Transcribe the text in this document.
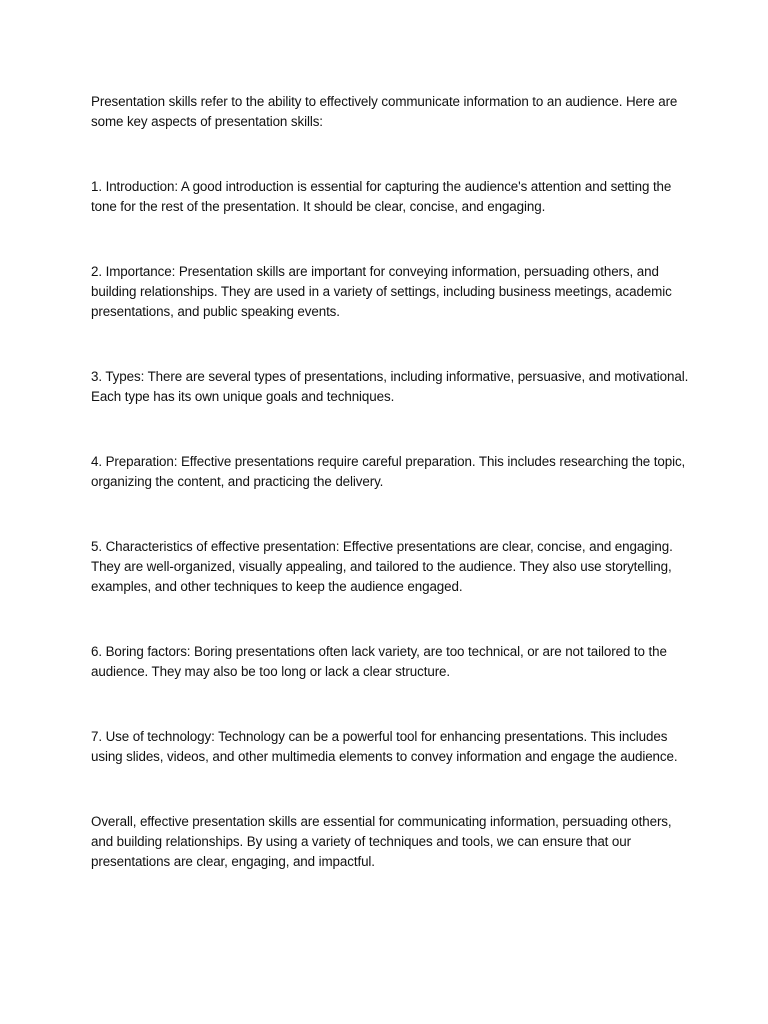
Presentation skills refer to the ability to effectively communicate information to an audience. Here are some key aspects of presentation skills:

1. Introduction: A good introduction is essential for capturing the audience's attention and setting the tone for the rest of the presentation. It should be clear, concise, and engaging.

2. Importance: Presentation skills are important for conveying information, persuading others, and building relationships. They are used in a variety of settings, including business meetings, academic presentations, and public speaking events.

3. Types: There are several types of presentations, including informative, persuasive, and motivational. Each type has its own unique goals and techniques.

4. Preparation: Effective presentations require careful preparation. This includes researching the topic, organizing the content, and practicing the delivery.

5. Characteristics of effective presentation: Effective presentations are clear, concise, and engaging. They are well-organized, visually appealing, and tailored to the audience. They also use storytelling, examples, and other techniques to keep the audience engaged.

6. Boring factors: Boring presentations often lack variety, are too technical, or are not tailored to the audience. They may also be too long or lack a clear structure.

7. Use of technology: Technology can be a powerful tool for enhancing presentations. This includes using slides, videos, and other multimedia elements to convey information and engage the audience.

Overall, effective presentation skills are essential for communicating information, persuading others, and building relationships. By using a variety of techniques and tools, we can ensure that our presentations are clear, engaging, and impactful.
